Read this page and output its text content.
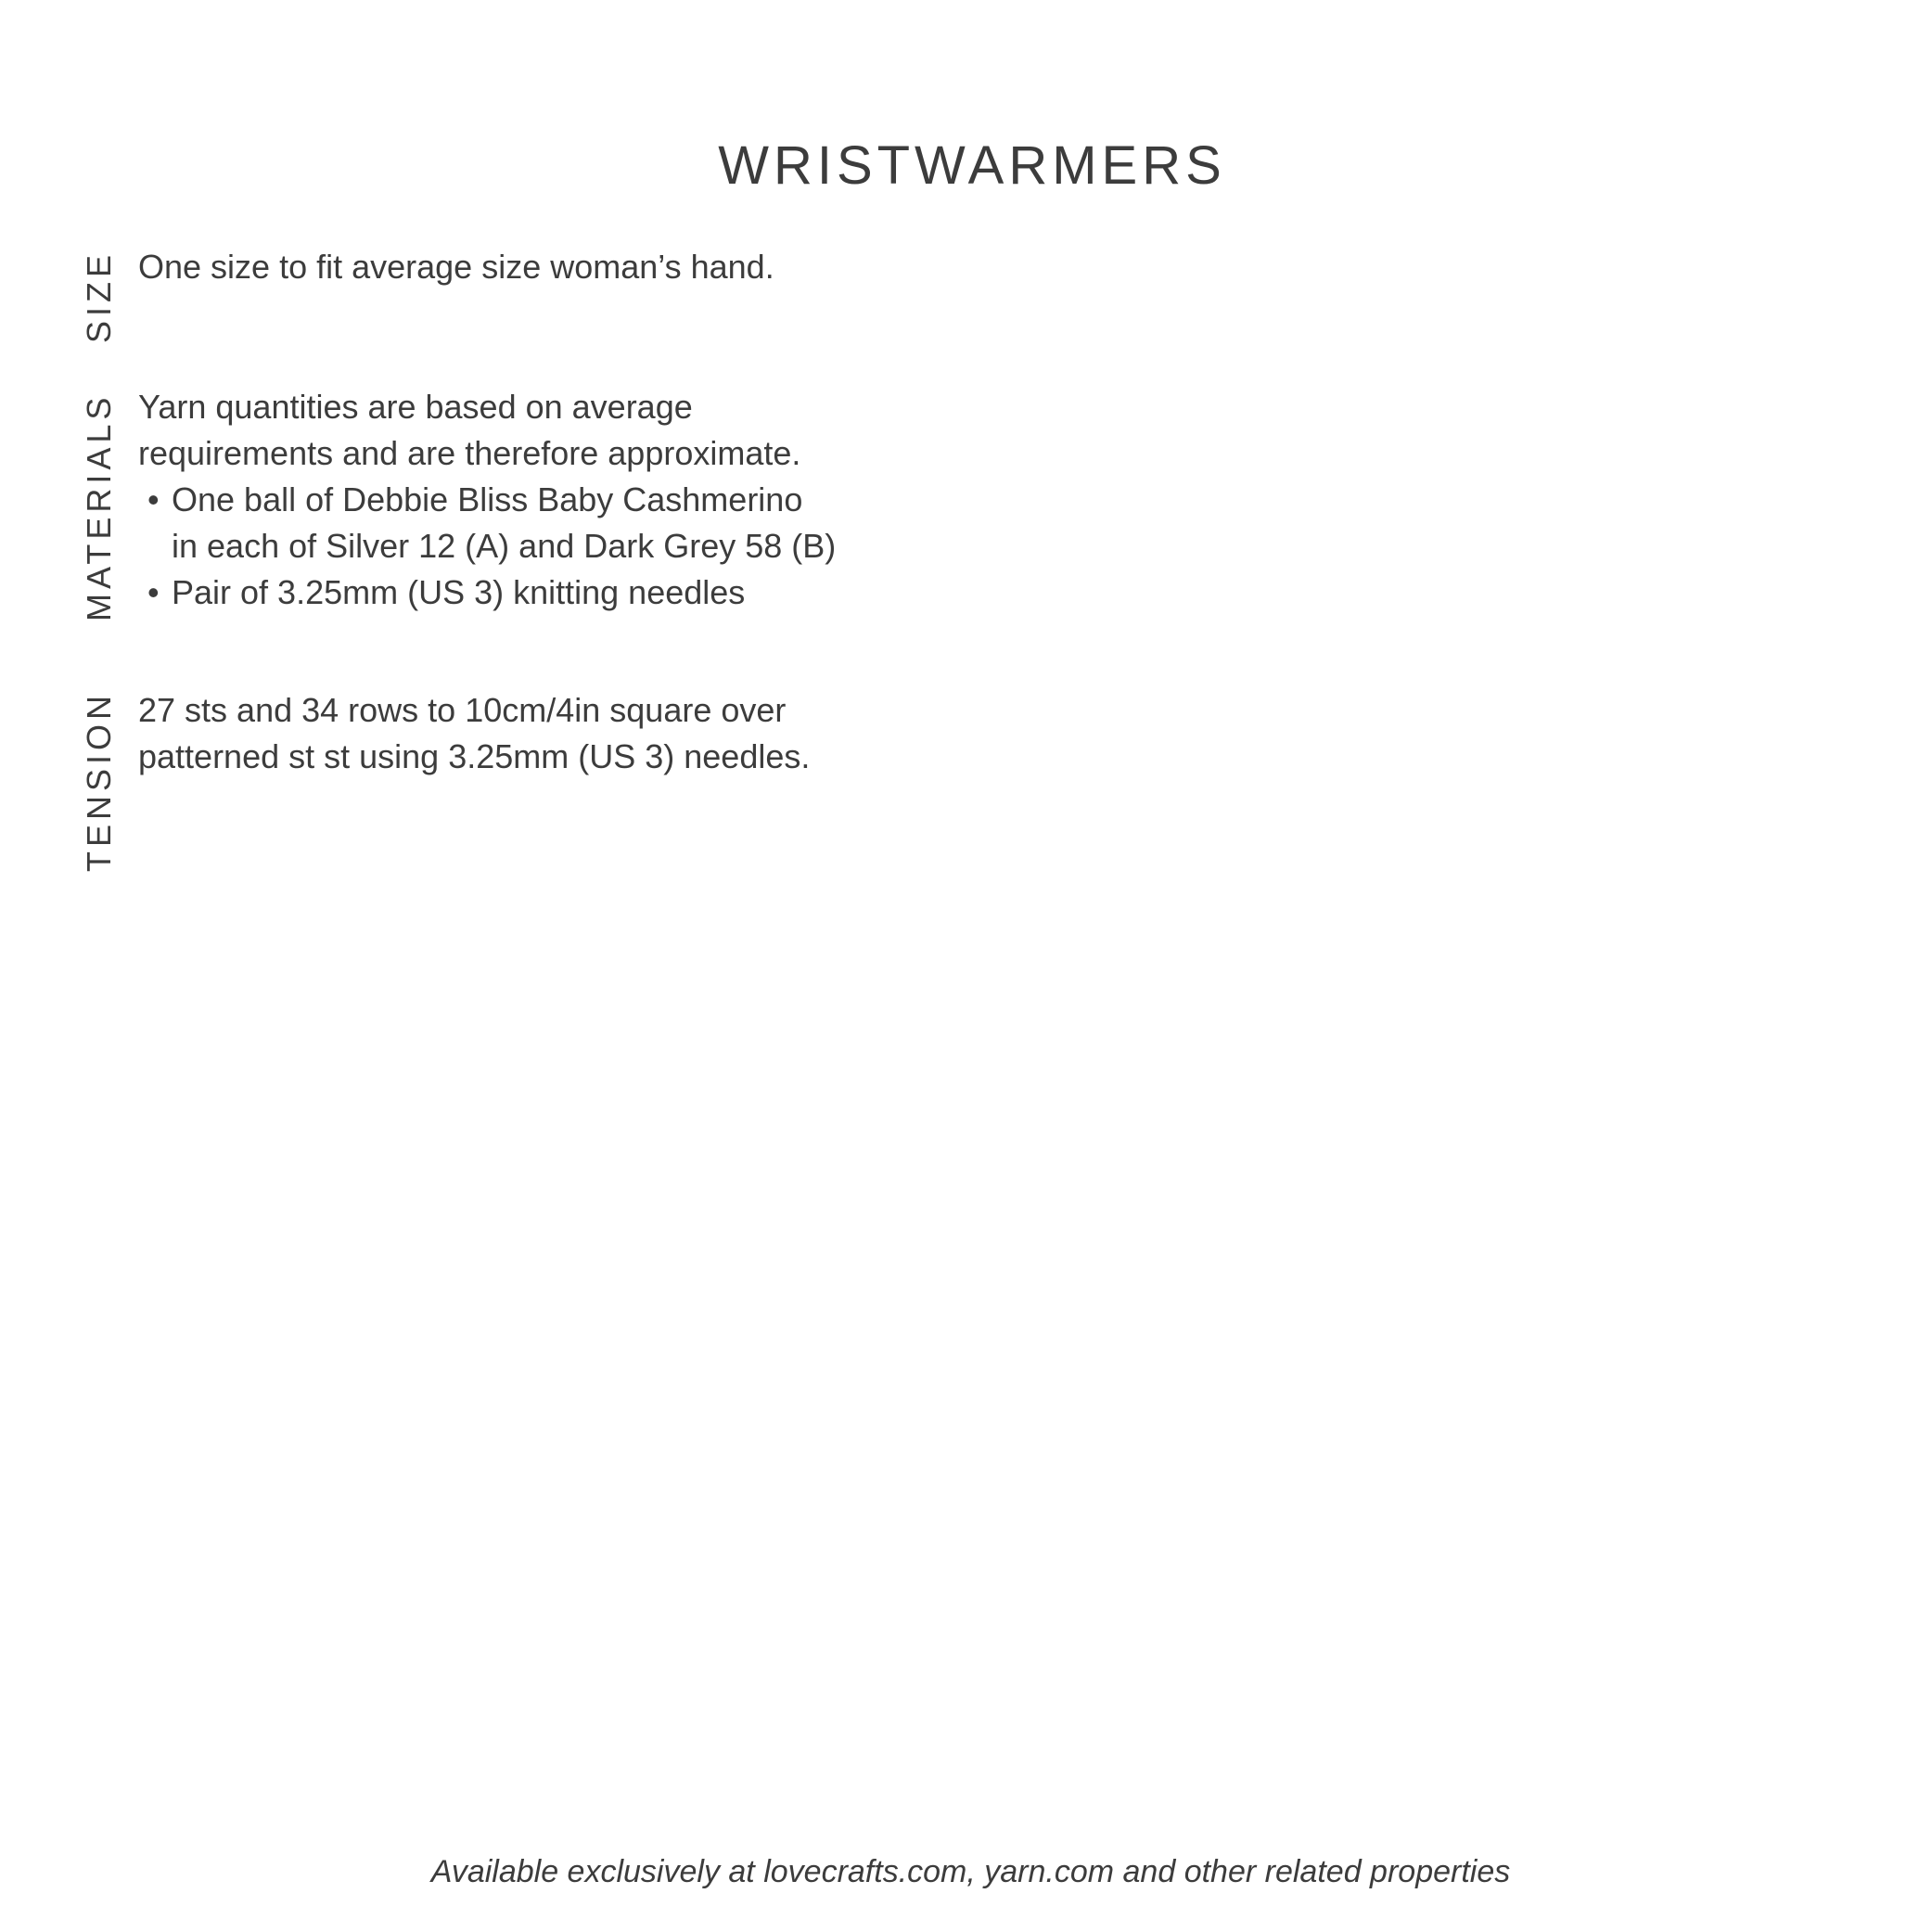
WRISTWARMERS
SIZE One size to fit average size woman’s hand.

MATERIALS Yarn quantities are based on average
requirements and are therefore approximate.
• One ball of Debbie Bliss Baby Cashmerino
in each of Silver 12 (A) and Dark Grey 58 (B)
• Pair of 3.25mm (US 3) knitting needles
TENSION 27 sts and 34 rows to 10cm/4in square over
patterned st st using 3.25mm (US 3) needles.
Available exclusively at lovecrafts.com, yarn.com and other related properties
